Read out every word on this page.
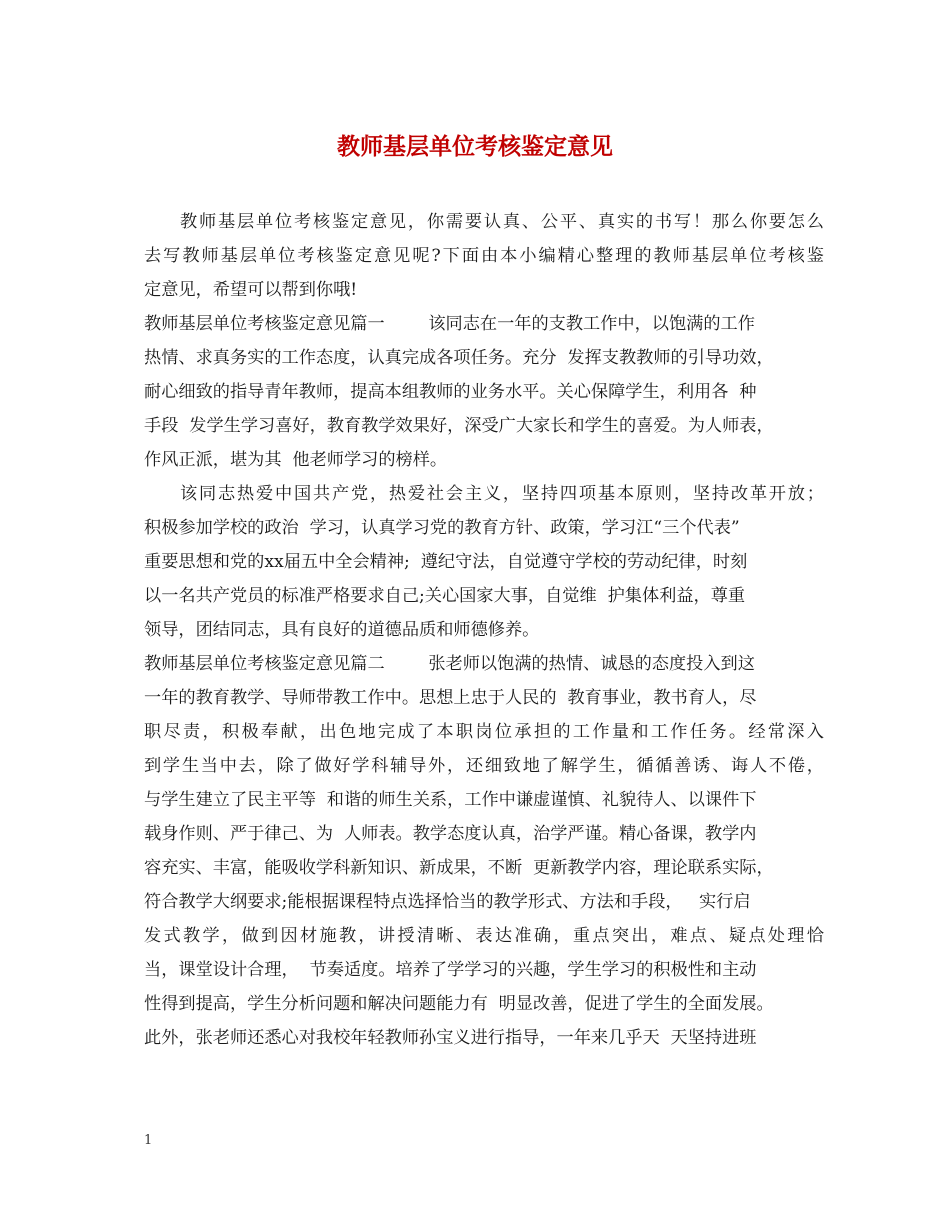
教师基层单位考核鉴定意见
教师基层单位考核鉴定意见，你需要认真、公平、真实的书写！那么你要怎么
去写教师基层单位考核鉴定意见呢?下面由本小编精心整理的教师基层单位考核鉴
定意见，希望可以帮到你哦!
教师基层单位考核鉴定意见篇一        该同志在一年的支教工作中，以饱满的工作
热情、求真务实的工作态度，认真完成各项任务。充分  发挥支教教师的引导功效，
耐心细致的指导青年教师，提高本组教师的业务水平。关心保障学生，利用各  种
手段  发学生学习喜好，教育教学效果好，深受广大家长和学生的喜爱。为人师表，
作风正派，堪为其  他老师学习的榜样。
该同志热爱中国共产党，热爱社会主义，坚持四项基本原则，坚持改革开放；
积极参加学校的政治  学习，认真学习党的教育方针、政策，学习江“三个代表”
重要思想和党的xx届五中全会精神;  遵纪守法，自觉遵守学校的劳动纪律，时刻
以一名共产党员的标准严格要求自己;关心国家大事，自觉维  护集体利益，尊重
领导，团结同志，具有良好的道德品质和师德修养。
教师基层单位考核鉴定意见篇二        张老师以饱满的热情、诚恳的态度投入到这
一年的教育教学、导师带教工作中。思想上忠于人民的  教育事业，教书育人，尽
职尽责，积极奉献，出色地完成了本职岗位承担的工作量和工作任务。经常深入
到学生当中去，除了做好学科辅导外，还细致地了解学生，循循善诱、诲人不倦，
与学生建立了民主平等  和谐的师生关系，工作中谦虚谨慎、礼貌待人、以课件下
载身作则、严于律己、为  人师表。教学态度认真，治学严谨。精心备课，教学内
容充实、丰富，能吸收学科新知识、新成果，不断  更新教学内容，理论联系实际，
符合教学大纲要求;能根据课程特点选择恰当的教学形式、方法和手段，   实行启
发式教学，做到因材施教，讲授清晰、表达准确，重点突出，难点、疑点处理恰
当，课堂设计合理，  节奏适度。培养了学学习的兴趣，学生学习的积极性和主动
性得到提高，学生分析问题和解决问题能力有  明显改善，促进了学生的全面发展。
此外，张老师还悉心对我校年轻教师孙宝义进行指导，一年来几乎天  天坚持进班
1
